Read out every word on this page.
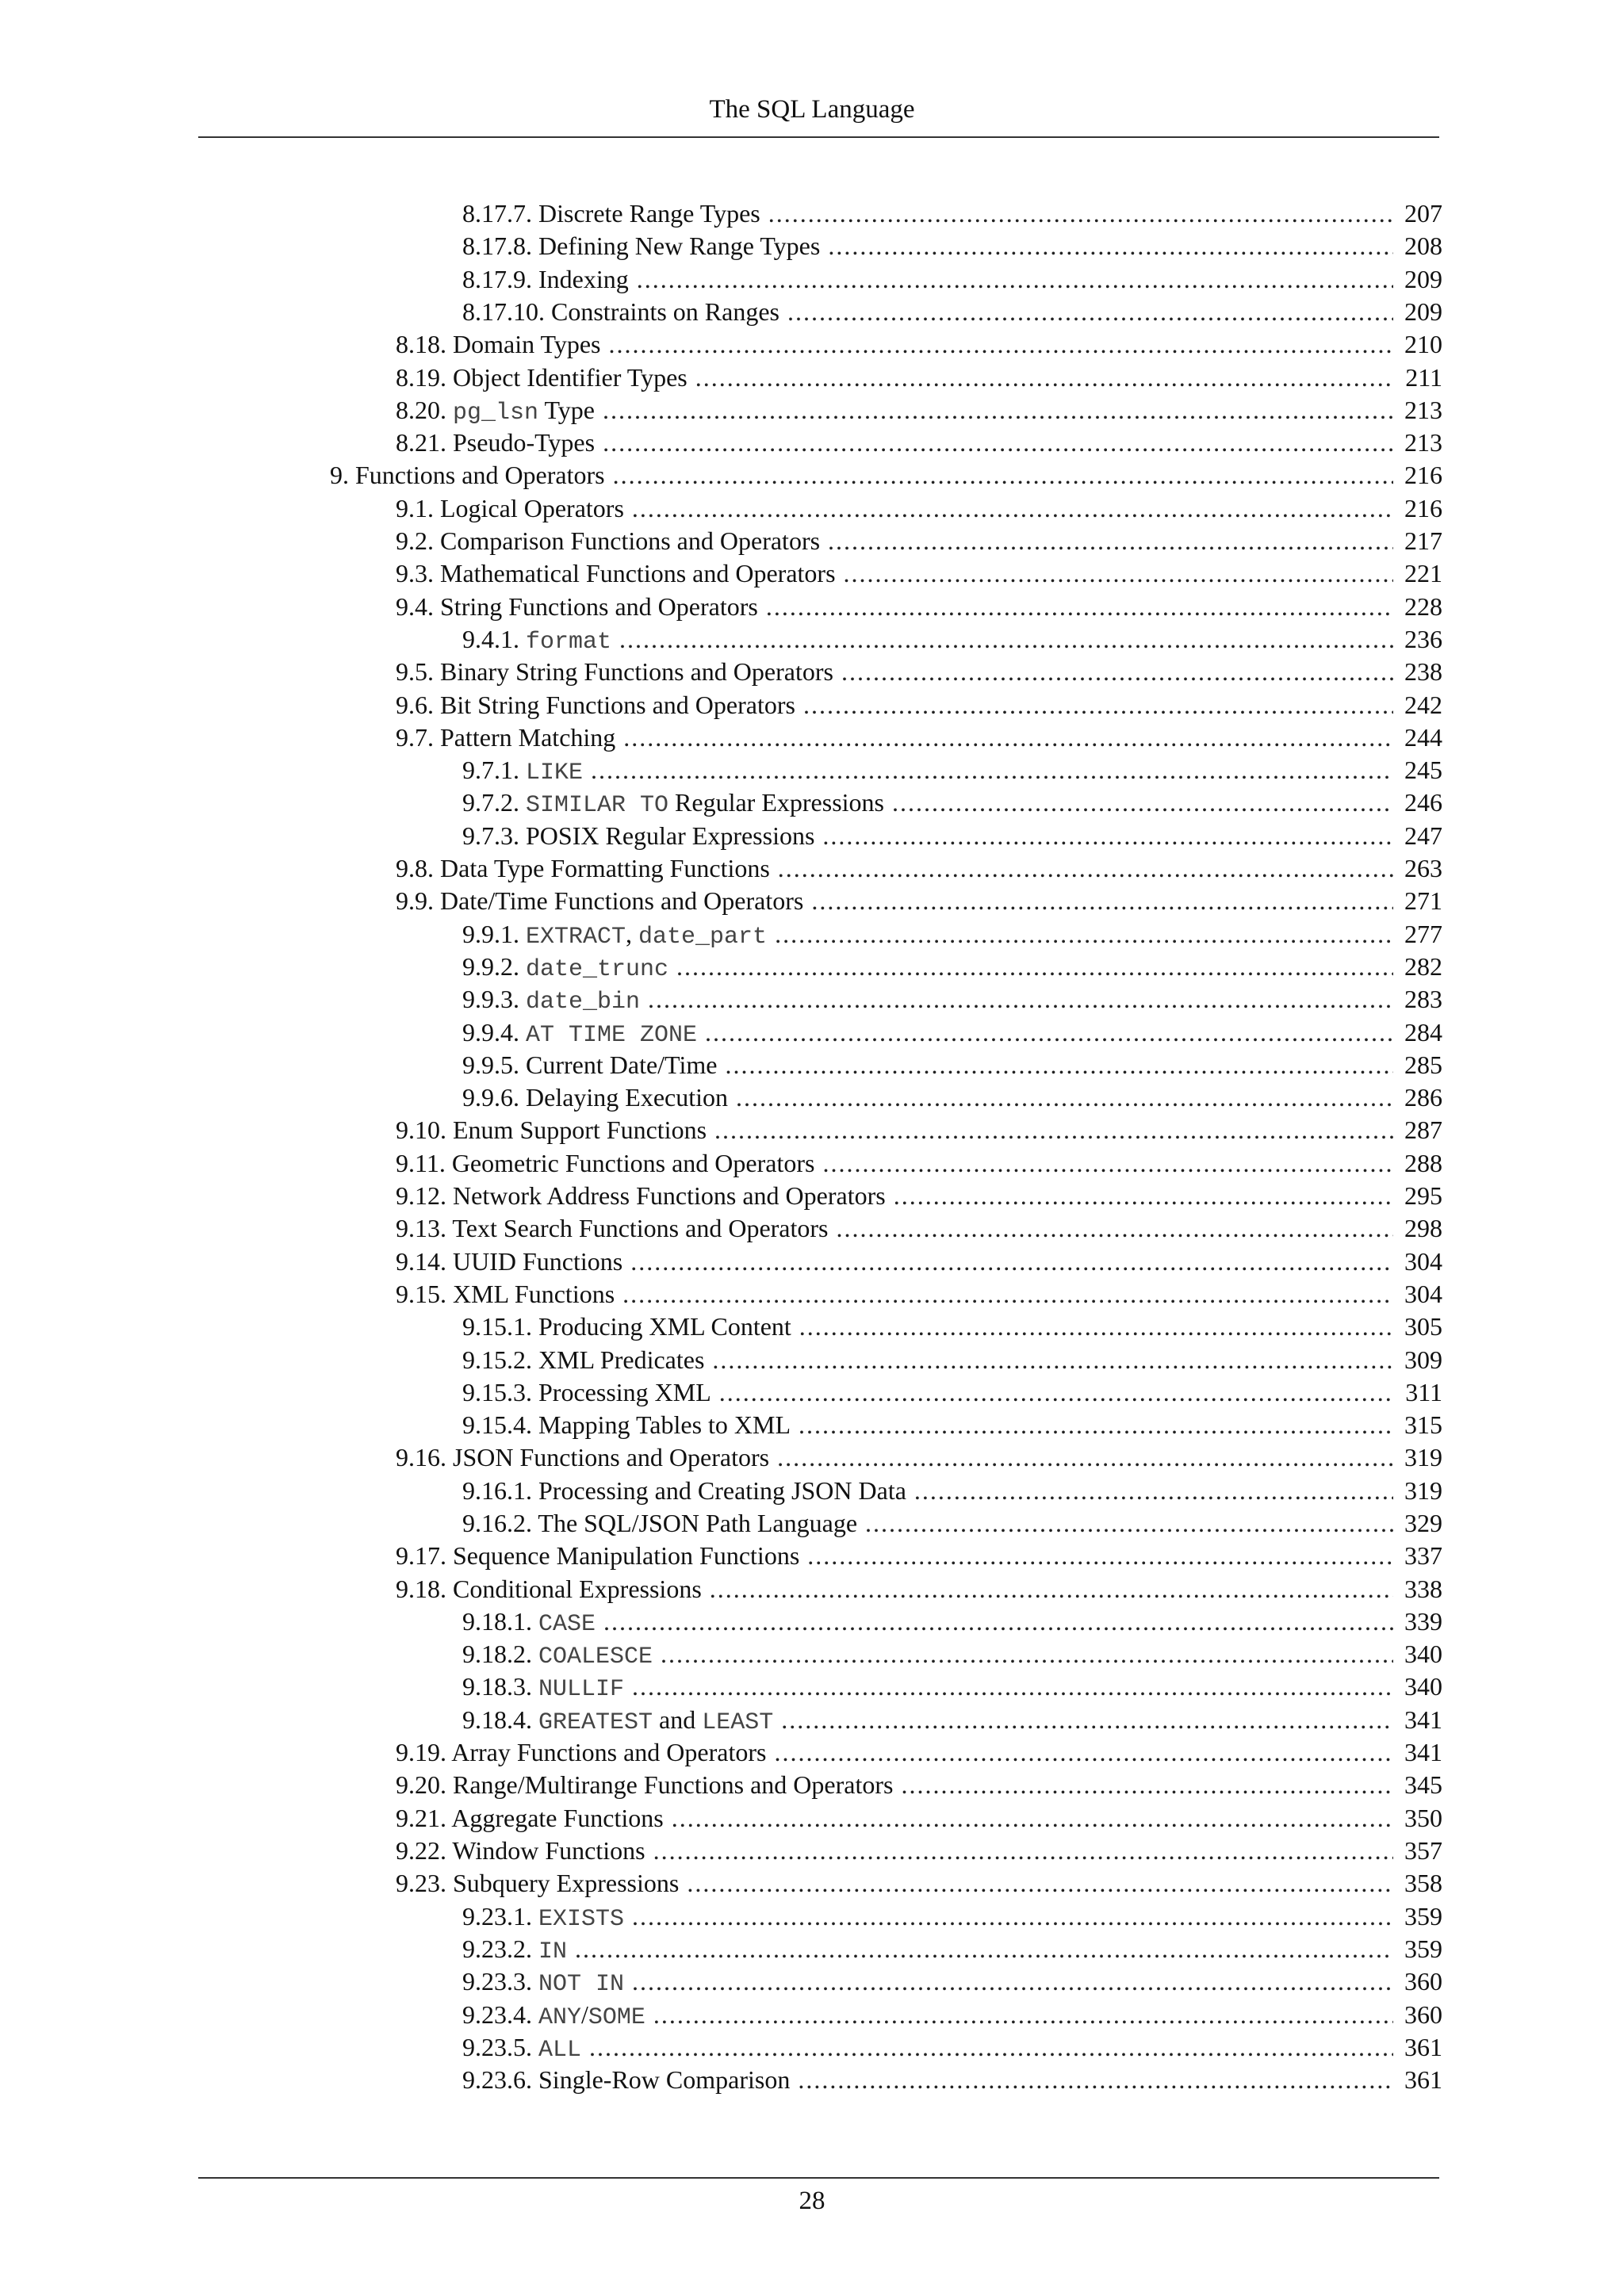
The SQL Language
8.17.7. Discrete Range Types . . .	207
8.17.8. Defining New Range Types . . .	208
8.17.9. Indexing . . .	209
8.17.10. Constraints on Ranges . . .	209
8.18. Domain Types . . .	210
8.19. Object Identifier Types . . .	211
8.20. pg_lsn Type . . .	213
8.21. Pseudo-Types . . .	213
9. Functions and Operators . . .	216
9.1. Logical Operators . . .	216
9.2. Comparison Functions and Operators . . .	217
9.3. Mathematical Functions and Operators . . .	221
9.4. String Functions and Operators . . .	228
9.4.1. format . . .	236
9.5. Binary String Functions and Operators . . .	238
9.6. Bit String Functions and Operators . . .	242
9.7. Pattern Matching . . .	244
9.7.1. LIKE . . .	245
9.7.2. SIMILAR TO Regular Expressions . . .	246
9.7.3. POSIX Regular Expressions . . .	247
9.8. Data Type Formatting Functions . . .	263
9.9. Date/Time Functions and Operators . . .	271
9.9.1. EXTRACT, date_part . . .	277
9.9.2. date_trunc . . .	282
9.9.3. date_bin . . .	283
9.9.4. AT TIME ZONE . . .	284
9.9.5. Current Date/Time . . .	285
9.9.6. Delaying Execution . . .	286
9.10. Enum Support Functions . . .	287
9.11. Geometric Functions and Operators . . .	288
9.12. Network Address Functions and Operators . . .	295
9.13. Text Search Functions and Operators . . .	298
9.14. UUID Functions . . .	304
9.15. XML Functions . . .	304
9.15.1. Producing XML Content . . .	305
9.15.2. XML Predicates . . .	309
9.15.3. Processing XML . . .	311
9.15.4. Mapping Tables to XML . . .	315
9.16. JSON Functions and Operators . . .	319
9.16.1. Processing and Creating JSON Data . . .	319
9.16.2. The SQL/JSON Path Language . . .	329
9.17. Sequence Manipulation Functions . . .	337
9.18. Conditional Expressions . . .	338
9.18.1. CASE . . .	339
9.18.2. COALESCE . . .	340
9.18.3. NULLIF . . .	340
9.18.4. GREATEST and LEAST . . .	341
9.19. Array Functions and Operators . . .	341
9.20. Range/Multirange Functions and Operators . . .	345
9.21. Aggregate Functions . . .	350
9.22. Window Functions . . .	357
9.23. Subquery Expressions . . .	358
9.23.1. EXISTS . . .	359
9.23.2. IN . . .	359
9.23.3. NOT IN . . .	360
9.23.4. ANY/SOME . . .	360
9.23.5. ALL . . .	361
9.23.6. Single-Row Comparison . . .	361
28
